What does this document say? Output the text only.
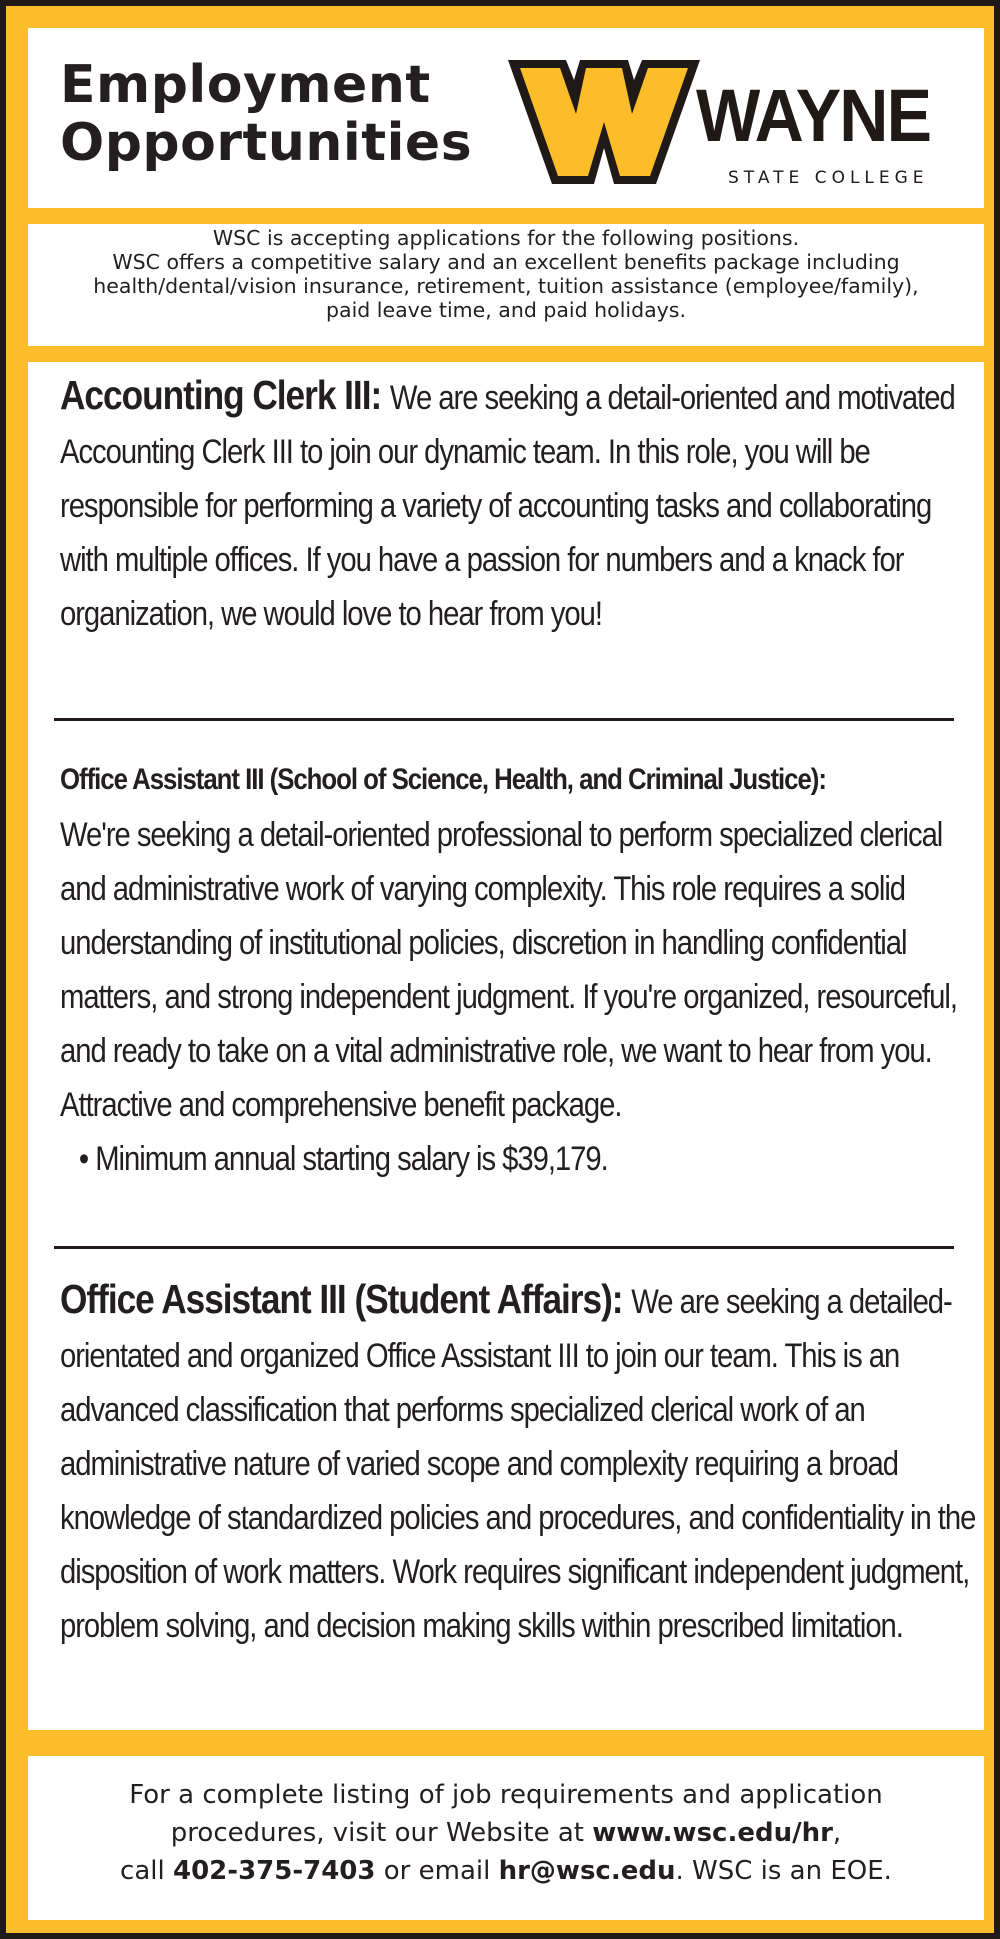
Employment
Opportunities	WAYNE
STATE COLLEGE

WSC is accepting applications for the following positions.

WSC offers a competitive salary and an excellent benefits package including

health/dental/vision insurance, retirement, tuition assistance (employee/family),

paid leave time, and paid holidays.

Accounting Clerk III: We are seeking a detail-oriented and motivated Accounting Clerk III to join our dynamic team. In this role, you will be responsible for performing a variety of accounting tasks and collaborating with multiple offices. If you have a passion for numbers and a knack for organization, we would love to hear from you!
Office Assistant III (School of Science, Health, and Criminal Justice):
We're seeking a detail-oriented professional to perform specialized clerical and administrative work of varying complexity. This role requires a solid understanding of institutional policies, discretion in handling confidential matters, and strong independent judgment. If you're organized, resourceful, and ready to take on a vital administrative role, we want to hear from you. Attractive and comprehensive benefit package.
• Minimum annual starting salary is $39,179.
Office Assistant III (Student Affairs): We are seeking a detailed-orientated and organized Office Assistant III to join our team. This is an advanced classification that performs specialized clerical work of an administrative nature of varied scope and complexity requiring a broad knowledge of standardized policies and procedures, and confidentiality in the disposition of work matters. Work requires significant independent judgment, problem solving, and decision making skills within prescribed limitation.

For a complete listing of job requirements and application

procedures, visit our Website at www.wsc.edu/hr,

call 402-375-7403 or email hr@wsc.edu. WSC is an EOE.
